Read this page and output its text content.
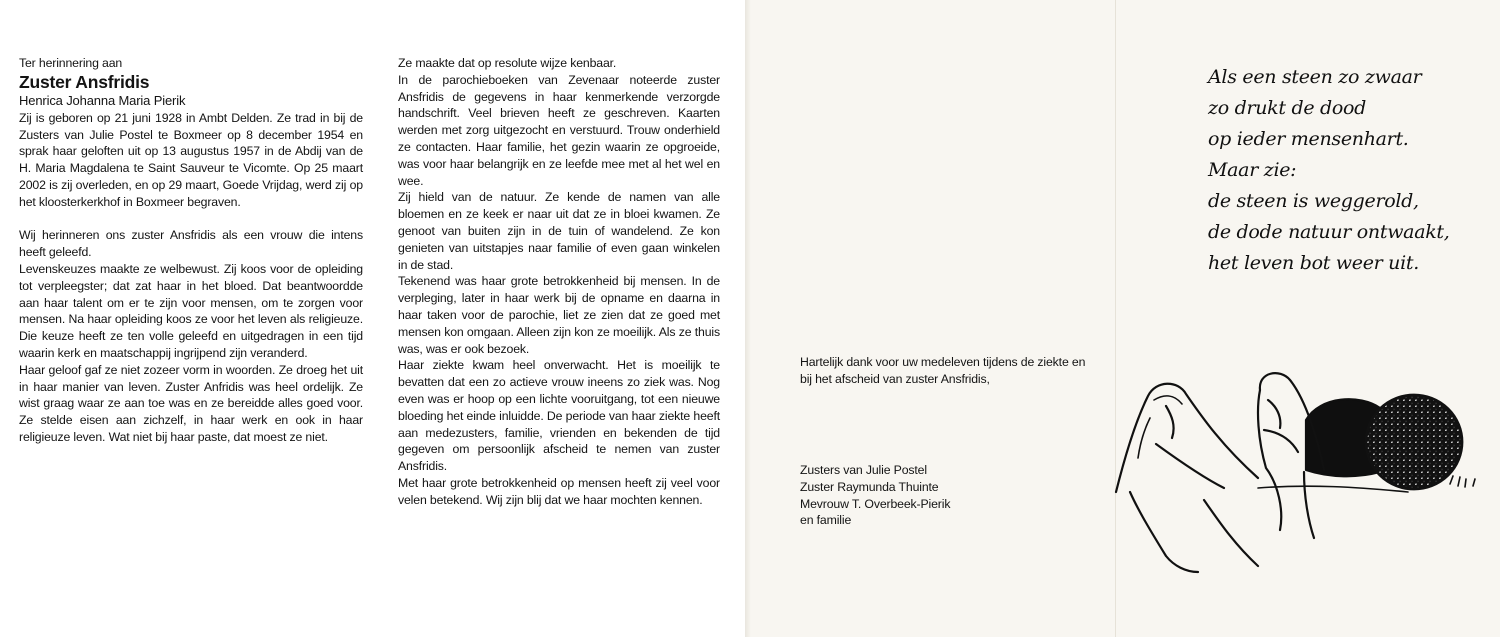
Ter herinnering aan

Zuster Ansfridis

Henrica Johanna Maria Pierik

Zij is geboren op 21 juni 1928 in Ambt Delden. Ze trad in bij de Zusters van Julie Postel te Boxmeer op 8 december 1954 en sprak haar geloften uit op 13 augustus 1957 in de Abdij van de H. Maria Magdalena te Saint Sauveur te Vicomte. Op 25 maart 2002 is zij overleden, en op 29 maart, Goede Vrijdag, werd zij op het kloosterkerkhof in Boxmeer begraven.

Wij herinneren ons zuster Ansfridis als een vrouw die intens heeft geleefd.

Levenskeuzes maakte ze welbewust. Zij koos voor de opleiding tot verpleegster; dat zat haar in het bloed. Dat beantwoordde aan haar talent om er te zijn voor mensen, om te zorgen voor mensen. Na haar opleiding koos ze voor het leven als religieuze. Die keuze heeft ze ten volle geleefd en uitgedragen in een tijd waarin kerk en maatschappij ingrijpend zijn veranderd.

Haar geloof gaf ze niet zozeer vorm in woorden. Ze droeg het uit in haar manier van leven. Zuster Anfridis was heel ordelijk. Ze wist graag waar ze aan toe was en ze bereidde alles goed voor. Ze stelde eisen aan zichzelf, in haar werk en ook in haar religieuze leven. Wat niet bij haar paste, dat moest ze niet.

Ze maakte dat op resolute wijze kenbaar.

In de parochieboeken van Zevenaar noteerde zuster Ansfridis de gegevens in haar kenmerkende verzorgde handschrift. Veel brieven heeft ze geschreven. Kaarten werden met zorg uitgezocht en verstuurd. Trouw onderhield ze contacten. Haar familie, het gezin waarin ze opgroeide, was voor haar belangrijk en ze leefde mee met al het wel en wee.

Zij hield van de natuur. Ze kende de namen van alle bloemen en ze keek er naar uit dat ze in bloei kwamen. Ze genoot van buiten zijn in de tuin of wandelend. Ze kon genieten van uitstapjes naar familie of even gaan winkelen in de stad.

Tekenend was haar grote betrokkenheid bij mensen. In de verpleging, later in haar werk bij de opname en daarna in haar taken voor de parochie, liet ze zien dat ze goed met mensen kon omgaan. Alleen zijn kon ze moeilijk. Als ze thuis was, was er ook bezoek.

Haar ziekte kwam heel onverwacht. Het is moeilijk te bevatten dat een zo actieve vrouw ineens zo ziek was. Nog even was er hoop op een lichte vooruitgang, tot een nieuwe bloeding het einde inluidde. De periode van haar ziekte heeft aan medezusters, familie, vrienden en bekenden de tijd gegeven om persoonlijk afscheid te nemen van zuster Ansfridis.

Met haar grote betrokkenheid op mensen heeft zij veel voor velen betekend. Wij zijn blij dat we haar mochten kennen.

Hartelijk dank voor uw medeleven tijdens de ziekte en bij het afscheid van zuster Ansfridis,

Zusters van Julie Postel

Zuster Raymunda Thuinte

Mevrouw T. Overbeek-Pierik

en familie

Als een steen zo zwaar
zo drukt de dood
op ieder mensenhart.
Maar zie:
de steen is weggerold,
de dode natuur ontwaakt,
het leven bot weer uit.
